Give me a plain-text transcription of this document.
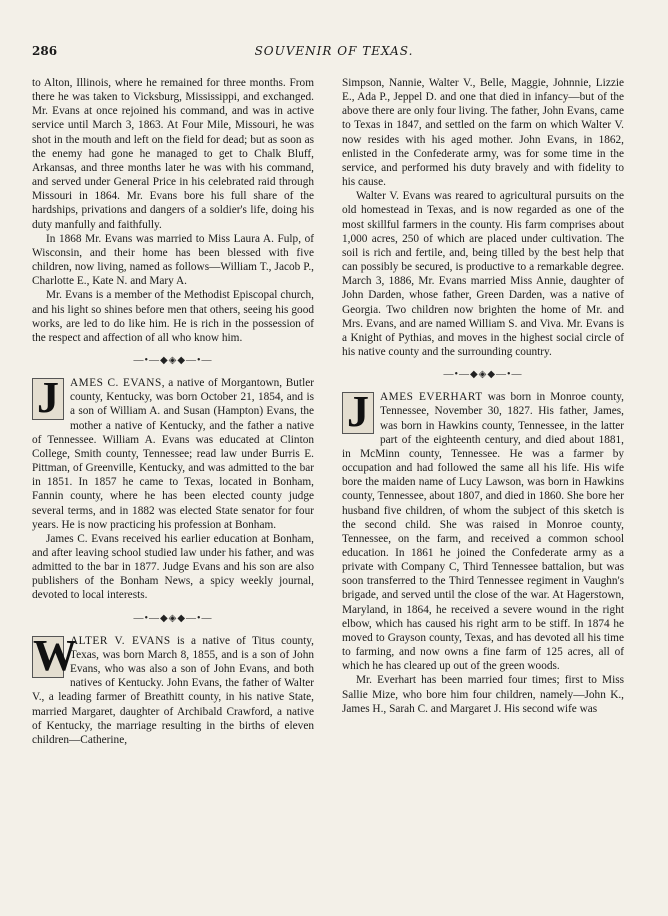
286	SOUVENIR OF TEXAS.

to Alton, Illinois, where he remained for three months. From there he was taken to Vicksburg, Mississippi, and exchanged. Mr. Evans at once rejoined his command, and was in active service until March 3, 1863. At Four Mile, Missouri, he was shot in the mouth and left on the field for dead; but as soon as the enemy had gone he managed to get to Chalk Bluff, Arkansas, and three months later he was with his command, and served under General Price in his celebrated raid through Missouri in 1864. Mr. Evans bore his full share of the hardships, privations and dangers of a soldier's life, doing his duty manfully and faithfully.

In 1868 Mr. Evans was married to Miss Laura A. Fulp, of Wisconsin, and their home has been blessed with five children, now living, named as follows—William T., Jacob P., Charlotte E., Kate N. and Mary A.

Mr. Evans is a member of the Methodist Episcopal church, and his light so shines before men that others, seeing his good works, are led to do like him. He is rich in the possession of the respect and affection of all who know him.

—•—◆◈◆—•—
J AMES C. EVANS, a native of Morgantown, Butler county, Kentucky, was born October 21, 1854, and is a son of William A. and Susan (Hampton) Evans, the mother a native of Kentucky, and the father a native of Tennessee. William A. Evans was educated at Clinton College, Smith county, Tennessee; read law under Burris E. Pittman, of Greenville, Kentucky, and was admitted to the bar in 1851. In 1857 he came to Texas, located in Bonham, Fannin county, where he has been elected county judge several terms, and in 1882 was elected State senator for four years. He is now practicing his profession at Bonham.

James C. Evans received his earlier education at Bonham, and after leaving school studied law under his father, and was admitted to the bar in 1877. Judge Evans and his son are also publishers of the Bonham News, a spicy weekly journal, devoted to local interests.

—•—◆◈◆—•—
W

ALTER V. EVANS is a native of Titus county, Texas, was born March 8, 1855, and is a son of John Evans, who was also a son of John Evans, and both natives of Kentucky. John Evans, the father of Walter V., a leading farmer of Breathitt county, in his native State, married Margaret, daughter of Archibald Crawford, a native of Kentucky, the marriage resulting in the births of eleven children—Catherine,

Simpson, Nannie, Walter V., Belle, Maggie, Johnnie, Lizzie E., Ada P., Jeppel D. and one that died in infancy—but of the above there are only four living. The father, John Evans, came to Texas in 1847, and settled on the farm on which Walter V. now resides with his aged mother. John Evans, in 1862, enlisted in the Confederate army, was for some time in the service, and performed his duty bravely and with fidelity to his cause.

Walter V. Evans was reared to agricultural pursuits on the old homestead in Texas, and is now regarded as one of the most skillful farmers in the county. His farm comprises about 1,000 acres, 250 of which are placed under cultivation. The soil is rich and fertile, and, being tilled by the best help that can possibly be secured, is productive to a remarkable degree. March 3, 1886, Mr. Evans married Miss Annie, daughter of John Darden, whose father, Green Darden, was a native of Georgia. Two children now brighten the home of Mr. and Mrs. Evans, and are named William S. and Viva. Mr. Evans is a Knight of Pythias, and moves in the highest social circle of his native county and the surrounding country.

—•—◆◈◆—•—
J AMES EVERHART was born in Monroe county, Tennessee, November 30, 1827. His father, James, was born in Hawkins county, Tennessee, in the latter part of the eighteenth century, and died about 1881, in McMinn county, Tennessee. He was a farmer by occupation and had followed the same all his life. His wife bore the maiden name of Lucy Lawson, was born in Hawkins county, Tennessee, about 1807, and died in 1860. She bore her husband five children, of whom the subject of this sketch is the second child. She was raised in Monroe county, Tennessee, on the farm, and received a common school education. In 1861 he joined the Confederate army as a private with Company C, Third Tennessee battalion, but was soon transferred to the Third Tennessee regiment in Vaughn's brigade, and served until the close of the war. At Hagerstown, Maryland, in 1864, he received a severe wound in the right elbow, which has caused his right arm to be stiff. In 1874 he moved to Grayson county, Texas, and has devoted all his time to farming, and now owns a fine farm of 125 acres, all of which he has cleared up out of the green woods.

Mr. Everhart has been married four times; first to Miss Sallie Mize, who bore him four children, namely—John K., James H., Sarah C. and Margaret J. His second wife was
